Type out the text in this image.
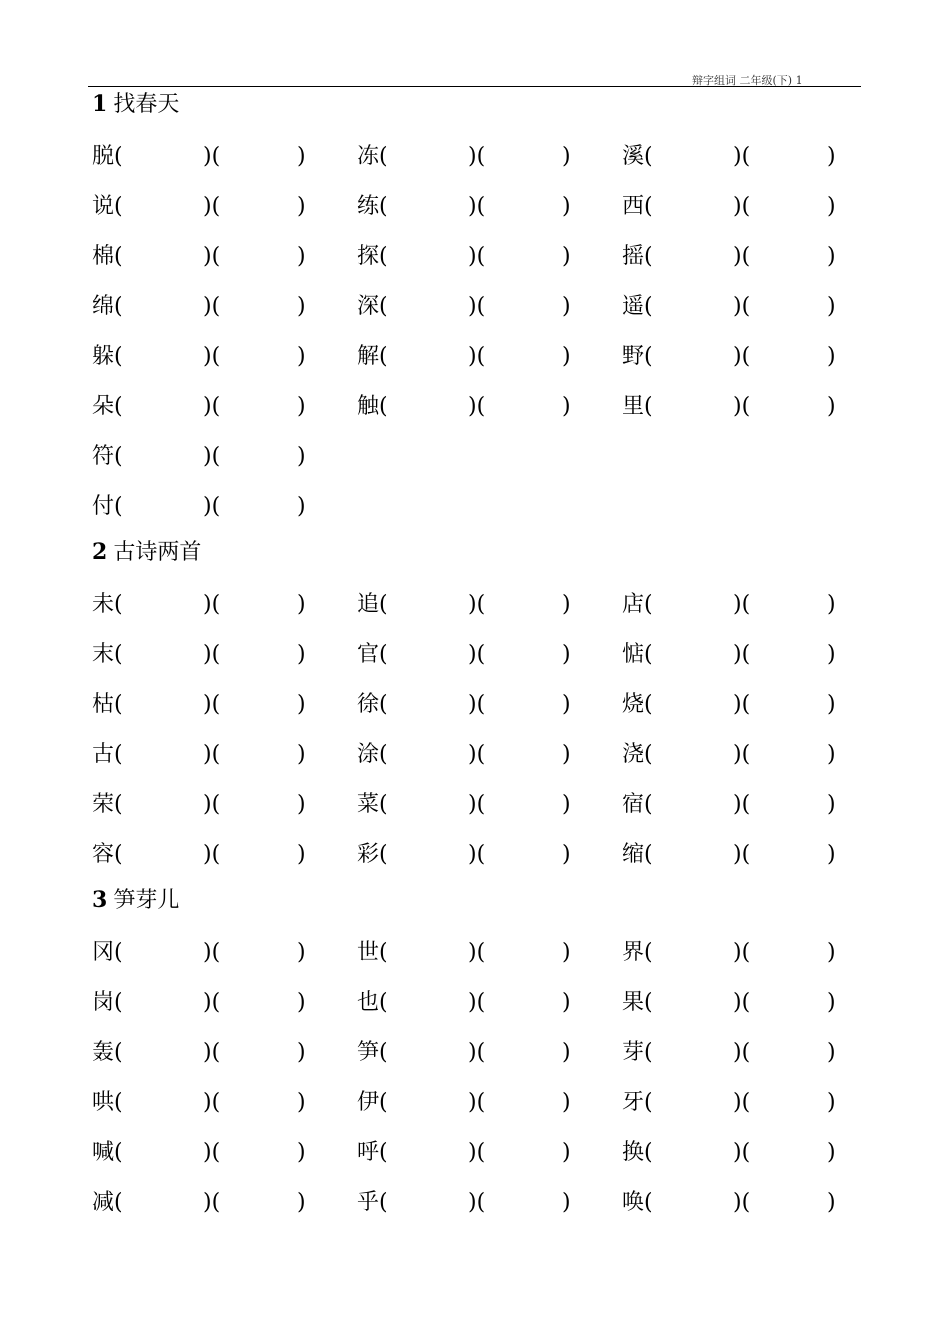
辩字组词 二年级(下) 1
1 找春天
脱(	)(	) 冻(	)(	) 溪(	)(	)
说(	)(	) 练(	)(	) 西(	)(	)
棉(	)(	) 探(	)(	) 摇(	)(	)
绵(	)(	) 深(	)(	) 遥(	)(	)
躲(	)(	) 解(	)(	) 野(	)(	)
朵(	)(	) 触(	)(	) 里(	)(	)
符(	)(	)
付(	)(	)
2 古诗两首
未(	)(	) 追(	)(	) 店(	)(	)
末(	)(	) 官(	)(	) 惦(	)(	)
枯(	)(	) 徐(	)(	) 烧(	)(	)
古(	)(	) 涂(	)(	) 浇(	)(	)
荣(	)(	) 菜(	)(	) 宿(	)(	)
容(	)(	) 彩(	)(	) 缩(	)(	)
3 笋芽儿
冈(	)(	) 世(	)(	) 界(	)(	)
岗(	)(	) 也(	)(	) 果(	)(	)
轰(	)(	) 笋(	)(	) 芽(	)(	)
哄(	)(	) 伊(	)(	) 牙(	)(	)
喊(	)(	) 呼(	)(	) 换(	)(	)
减(	)(	) 乎(	)(	) 唤(	)(	)
